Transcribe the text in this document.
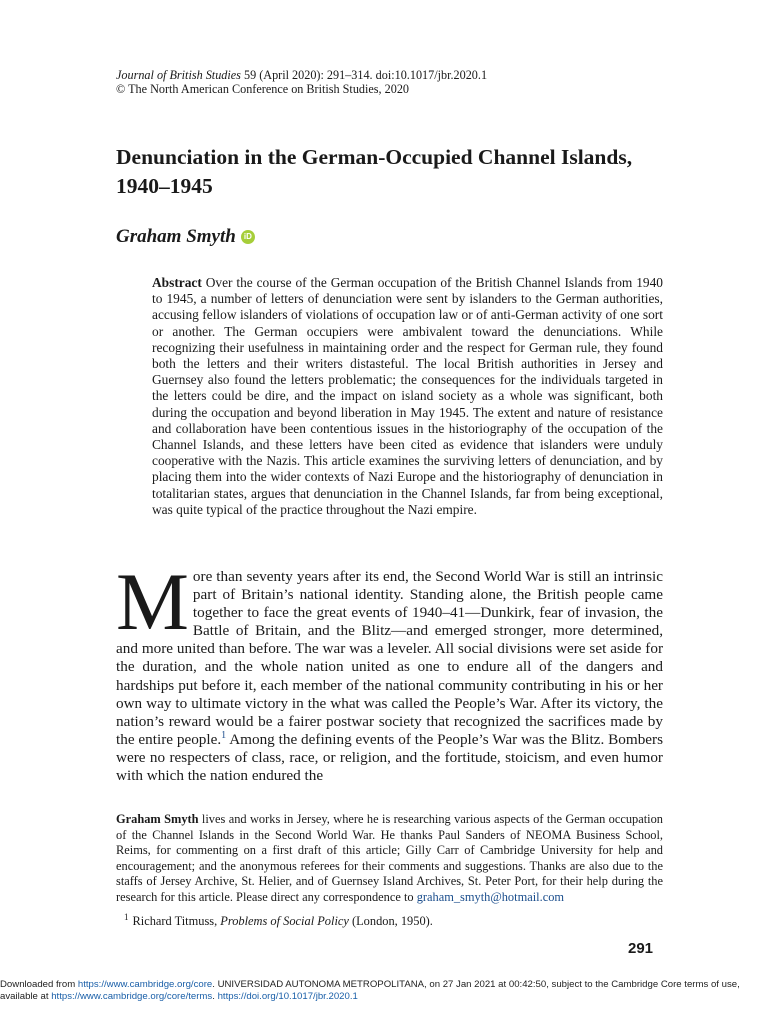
Journal of British Studies 59 (April 2020): 291–314. doi:10.1017/jbr.2020.1
© The North American Conference on British Studies, 2020
Denunciation in the German-Occupied Channel Islands, 1940–1945
Graham Smyth	iD

Abstract Over the course of the German occupation of the British Channel Islands from 1940 to 1945, a number of letters of denunciation were sent by islanders to the German authorities, accusing fellow islanders of violations of occupation law or of anti-German activity of one sort or another. The German occupiers were ambivalent toward the denunciations. While recognizing their usefulness in maintaining order and the respect for German rule, they found both the letters and their writers distasteful. The local British authorities in Jersey and Guernsey also found the letters problematic; the consequences for the individuals targeted in the letters could be dire, and the impact on island society as a whole was significant, both during the occupation and beyond liberation in May 1945. The extent and nature of resistance and collaboration have been contentious issues in the historiography of the occupation of the Channel Islands, and these letters have been cited as evidence that islanders were unduly cooperative with the Nazis. This article examines the surviving letters of denunciation, and by placing them into the wider contexts of Nazi Europe and the historiography of denunciation in totalitarian states, argues that denunciation in the Channel Islands, far from being exceptional, was quite typical of the practice throughout the Nazi empire.

More than seventy years after its end, the Second World War is still an intrinsic part of Britain’s national identity. Standing alone, the British people came together to face the great events of 1940–41—Dunkirk, fear of invasion, the Battle of Britain, and the Blitz—and emerged stronger, more determined, and more united than before. The war was a leveler. All social divisions were set aside for the duration, and the whole nation united as one to endure all of the dangers and hardships put before it, each member of the national community contributing in his or her own way to ultimate victory in the what was called the People’s War. After its victory, the nation’s reward would be a fairer postwar society that recognized the sacrifices made by the entire people.$^1$ Among the defining events of the People’s War was the Blitz. Bombers were no respecters of class, race, or religion, and the fortitude, stoicism, and even humor with which the nation endured the

Graham Smyth lives and works in Jersey, where he is researching various aspects of the German occupation of the Channel Islands in the Second World War. He thanks Paul Sanders of NEOMA Business School, Reims, for commenting on a first draft of this article; Gilly Carr of Cambridge University for help and encouragement; and the anonymous referees for their comments and suggestions. Thanks are also due to the staffs of Jersey Archive, St. Helier, and of Guernsey Island Archives, St. Peter Port, for their help during the research for this article. Please direct any correspondence to graham_smyth@hotmail.com

$^1$ Richard Titmuss, Problems of Social Policy (London, 1950).
291
Downloaded from https://www.cambridge.org/core. UNIVERSIDAD AUTONOMA METROPOLITANA, on 27 Jan 2021 at 00:42:50, subject to the Cambridge Core terms of use, available at https://www.cambridge.org/core/terms. https://doi.org/10.1017/jbr.2020.1
